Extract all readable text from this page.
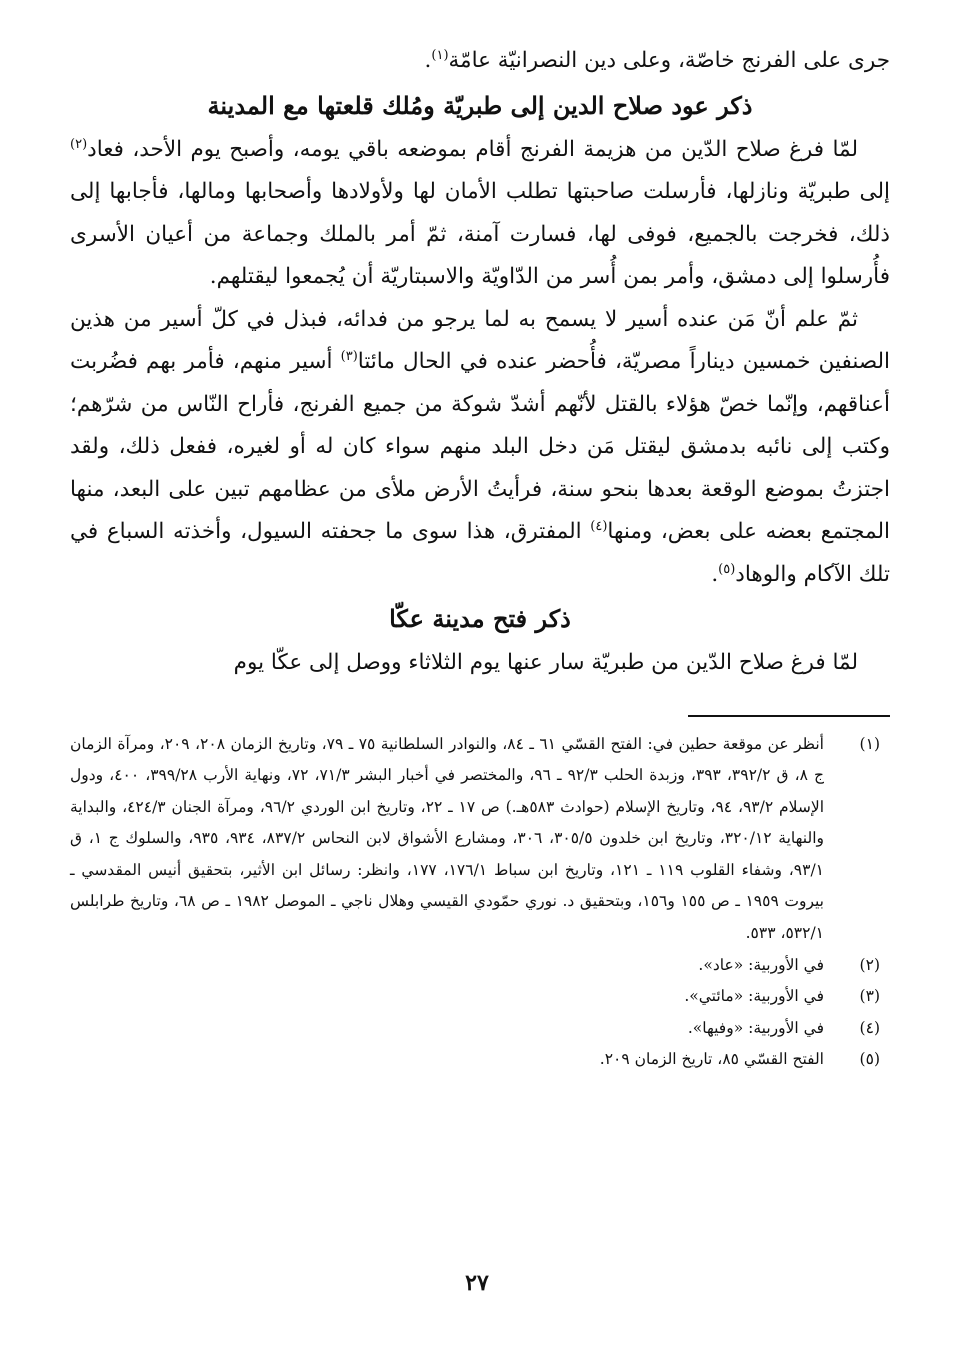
جرى على الفرنج خاصّة، وعلى دين النصرانيّة عامّة$^{(١)}$.

ذكر عود صلاح الدين إلى طبريّة ومُلك قلعتها مع المدينة

لمّا فرغ صلاح الدّين من هزيمة الفرنج أقام بموضعه باقي يومه، وأصبح يوم الأحد، فعاد$^{(٢)}$ إلى طبريّة ونازلها، فأرسلت صاحبتها تطلب الأمان لها ولأولادها وأصحابها ومالها، فأجابها إلى ذلك، فخرجت بالجميع، فوفى لها، فسارت آمنة، ثمّ أمر بالملك وجماعة من أعيان الأسرى فأُرسلوا إلى دمشق، وأمر بمن أُسر من الدّاويّة والاسبتاريّة أن يُجمعوا ليقتلهم.

ثمّ علم أنّ مَن عنده أسير لا يسمح به لما يرجو من فدائه، فبذل في كلّ أسير من هذين الصنفين خمسين ديناراً مصريّة، فأُحضر عنده في الحال مائتا$^{(٣)}$ أسير منهم، فأمر بهم فضُربت أعناقهم، وإنّما خصّ هؤلاء بالقتل لأنّهم أشدّ شوكة من جميع الفرنج، فأراح النّاس من شرّهم؛ وكتب إلى نائبه بدمشق ليقتل مَن دخل البلد منهم سواء كان له أو لغيره، ففعل ذلك، ولقد اجتزتُ بموضع الوقعة بعدها بنحو سنة، فرأيتُ الأرض ملأى من عظامهم تبين على البعد، منها المجتمع بعضه على بعض، ومنها$^{(٤)}$ المفترق، هذا سوى ما جحفته السيول، وأخذته السباع في تلك الآكام والوهاد$^{(٥)}$.

ذكر فتح مدينة عكّا

لمّا فرغ صلاح الدّين من طبريّة سار عنها يوم الثلاثاء ووصل إلى عكّا يوم

(١)
أنظر عن موقعة حطين في: الفتح القسّي ٦١ ـ ٨٤، والنوادر السلطانية ٧٥ ـ ٧٩، وتاريخ الزمان ٢٠٨، ٢٠٩، ومرآة الزمان ج ٨، ق ٣٩٢/٢، ٣٩٣، وزبدة الحلب ٩٢/٣ ـ ٩٦، والمختصر في أخبار البشر ٧١/٣، ٧٢، ونهاية الأرب ٣٩٩/٢٨، ٤٠٠، ودول الإسلام ٩٣/٢، ٩٤، وتاريخ الإسلام (حوادث ٥٨٣هـ.) ص ١٧ ـ ٢٢، وتاريخ ابن الوردي ٩٦/٢، ومرآة الجنان ٤٢٤/٣، والبداية والنهاية ٣٢٠/١٢، وتاريخ ابن خلدون ٣٠٥/٥، ٣٠٦، ومشارع الأشواق لابن النحاس ٨٣٧/٢، ٩٣٤، ٩٣٥، والسلوك ج ١، ق ٩٣/١، وشفاء القلوب ١١٩ ـ ١٢١، وتاريخ ابن سباط ١٧٦/١، ١٧٧، وانظر: رسائل ابن الأثير، بتحقيق أنيس المقدسي ـ بيروت ١٩٥٩ ـ ص ١٥٥ و١٥٦، وبتحقيق د. نوري حمّودي القيسي وهلال ناجي ـ الموصل ١٩٨٢ ـ ص ٦٨، وتاريخ طرابلس ٥٣٢/١، ٥٣٣.
(٢)
في الأوربية: «عاد».
(٣)
في الأوربية: «مائتي».
(٤)
في الأوربية: «وفيها».
(٥)
الفتح القسّي ٨٥، تاريخ الزمان ٢٠٩.
٢٧
